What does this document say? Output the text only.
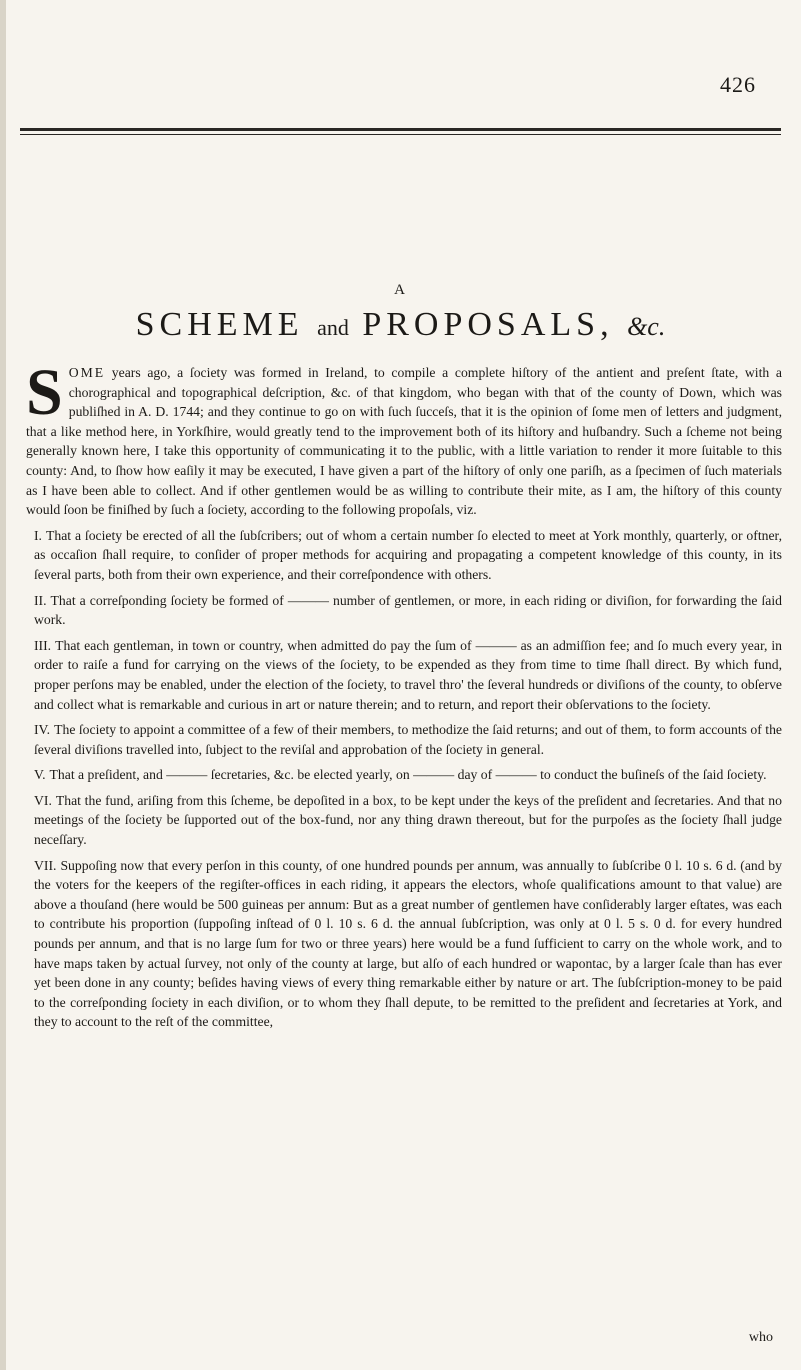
426
A
SCHEME and PROPOSALS, &c.

SOME years ago, a ſociety was formed in Ireland, to compile a complete hiſtory of the antient and preſent ſtate, with a chorographical and topographical deſcription, &c. of that kingdom, who began with that of the county of Down, which was publiſhed in A. D. 1744; and they continue to go on with ſuch ſucceſs, that it is the opinion of ſome men of letters and judgment, that a like method here, in Yorkſhire, would greatly tend to the improvement both of its hiſtory and huſbandry. Such a ſcheme not being generally known here, I take this opportunity of communicating it to the public, with a little variation to render it more ſuitable to this county: And, to ſhow how eaſily it may be executed, I have given a part of the hiſtory of only one pariſh, as a ſpecimen of ſuch materials as I have been able to collect. And if other gentlemen would be as willing to contribute their mite, as I am, the hiſtory of this county would ſoon be finiſhed by ſuch a ſociety, according to the following propoſals, viz.

I. That a ſociety be erected of all the ſubſcribers; out of whom a certain number ſo elected to meet at York monthly, quarterly, or oftner, as occaſion ſhall require, to conſider of proper methods for acquiring and propagating a competent knowledge of this county, in its ſeveral parts, both from their own experience, and their correſpondence with others.

II. That a correſponding ſociety be formed of ——— number of gentlemen, or more, in each riding or diviſion, for forwarding the ſaid work.

III. That each gentleman, in town or country, when admitted do pay the ſum of ——— as an admiſſion fee; and ſo much every year, in order to raiſe a fund for carrying on the views of the ſociety, to be expended as they from time to time ſhall direct. By which fund, proper perſons may be enabled, under the election of the ſociety, to travel thro' the ſeveral hundreds or diviſions of the county, to obſerve and collect what is remarkable and curious in art or nature therein; and to return, and report their obſervations to the ſociety.

IV. The ſociety to appoint a committee of a few of their members, to methodize the ſaid returns; and out of them, to form accounts of the ſeveral diviſions travelled into, ſubject to the reviſal and approbation of the ſociety in general.

V. That a preſident, and ——— ſecretaries, &c. be elected yearly, on ——— day of ——— to conduct the buſineſs of the ſaid ſociety.

VI. That the fund, ariſing from this ſcheme, be depoſited in a box, to be kept under the keys of the preſident and ſecretaries. And that no meetings of the ſociety be ſupported out of the box-fund, nor any thing drawn thereout, but for the purpoſes as the ſociety ſhall judge neceſſary.

VII. Suppoſing now that every perſon in this county, of one hundred pounds per annum, was annually to ſubſcribe 0 l. 10 s. 6 d. (and by the voters for the keepers of the regiſter-offices in each riding, it appears the electors, whoſe qualifications amount to that value) are above a thouſand (here would be 500 guineas per annum: But as a great number of gentlemen have conſiderably larger eſtates, was each to contribute his proportion (ſuppoſing inſtead of 0 l. 10 s. 6 d. the annual ſubſcription, was only at 0 l. 5 s. 0 d. for every hundred pounds per annum, and that is no large ſum for two or three years) here would be a fund ſufficient to carry on the whole work, and to have maps taken by actual ſurvey, not only of the county at large, but alſo of each hundred or wapontac, by a larger ſcale than has ever yet been done in any county; beſides having views of every thing remarkable either by nature or art. The ſubſcription-money to be paid to the correſponding ſociety in each diviſion, or to whom they ſhall depute, to be remitted to the preſident and ſecretaries at York, and they to account to the reſt of the committee,

who
